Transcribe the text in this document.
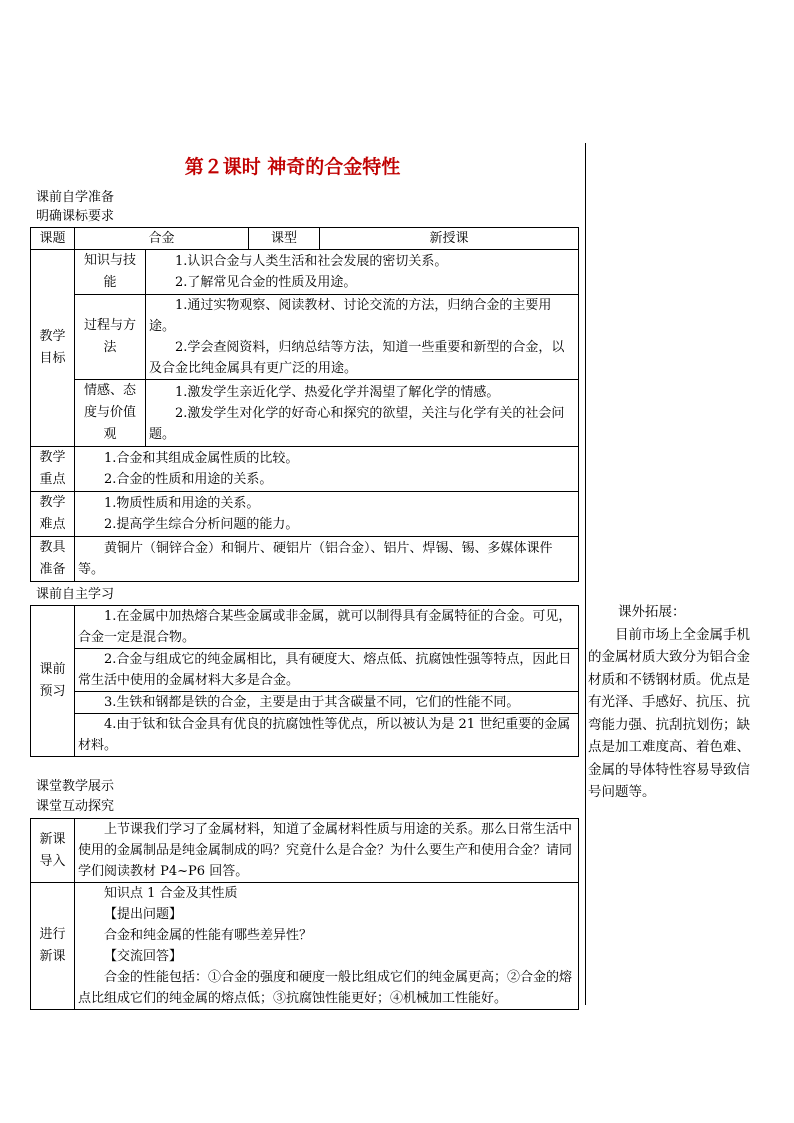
第２课时 神奇的合金特性
课前自学准备
明确课标要求
课题	合金		课型	新授课
教学目标	知识与技能	1.认识合金与人类生活和社会发展的密切关系。

2.了解常见合金的性质及用途。		

	过程与方法	1.通过实物观察、阅读教材、讨论交流的方法，归纳合金的主要用途。

2.学会查阅资料，归纳总结等方法，知道一些重要和新型的合金，以及合金比纯金属具有更广泛的用途。		

	情感、态度与价值观	1.激发学生亲近化学、热爱化学并渴望了解化学的情感。

2.激发学生对化学的好奇心和探究的欲望，关注与化学有关的社会问题。		

教学重点	1.合金和其组成金属性质的比较。

2.合金的性质和用途的关系。			

教学难点	1.物质性质和用途的关系。

2.提高学生综合分析问题的能力。			

教具准备	黄铜片（铜锌合金）和铜片、硬铝片（铝合金）、铝片、焊锡、锡、多媒体课件等。			
课前自主学习
课前预习	1.在金属中加热熔合某些金属或非金属，就可以制得具有金属特征的合金。可见，合金一定是混合物。
2.合金与组成它的纯金属相比，具有硬度大、熔点低、抗腐蚀性强等特点，因此日常生活中使用的金属材料大多是合金。
3.生铁和钢都是铁的合金，主要是由于其含碳量不同，它们的性能不同。
4.由于钛和钛合金具有优良的抗腐蚀性等优点，所以被认为是 21 世纪重要的金属材料。
课堂教学展示
课堂互动探究
新课导入	上节课我们学习了金属材料，知道了金属材料性质与用途的关系。那么日常生活中使用的金属制品是纯金属制成的吗？究竟什么是合金？为什么要生产和使用合金？请同学们阅读教材 P4~P6 回答。
进行新课	知识点 1 合金及其性质

【提出问题】

合金和纯金属的性能有哪些差异性？

【交流回答】

合金的性能包括：①合金的强度和硬度一般比组成它们的纯金属更高；②合金的熔点比组成它们的纯金属的熔点低；③抗腐蚀性能更好；④机械加工性能好。

课外拓展：
目前市场上全金属手机的金属材质大致分为铝合金材质和不锈钢材质。优点是有光泽、手感好、抗压、抗弯能力强、抗刮抗划伤；缺点是加工难度高、着色难、金属的导体特性容易导致信号问题等。
